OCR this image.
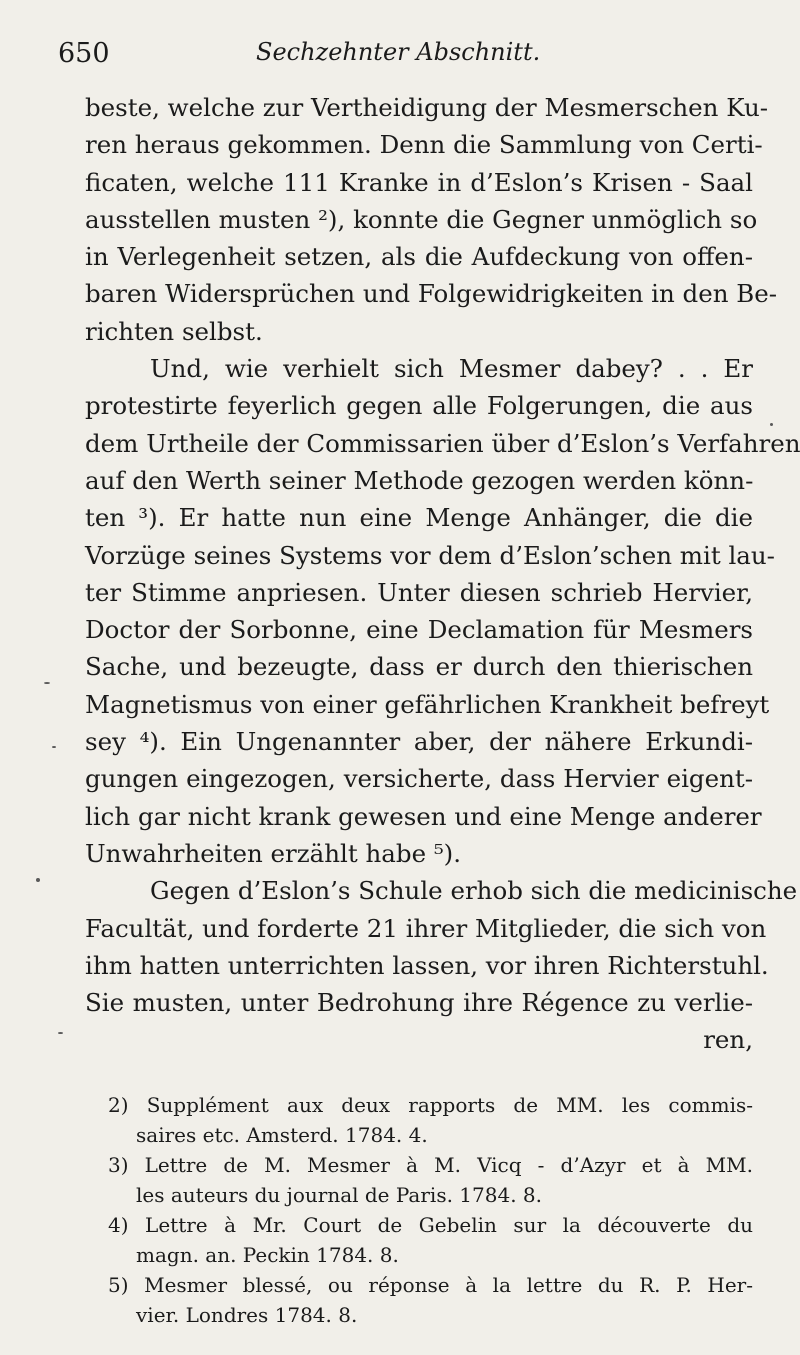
650	Sechzehnter Abschnitt.
beste, welche zur Vertheidigung der Mesmerschen Ku-
ren heraus gekommen. Denn die Sammlung von Certi-
ficaten, welche 111 Kranke in d’Eslon’s Krisen - Saal
ausstellen musten ²), konnte die Gegner unmöglich so
in Verlegenheit setzen, als die Aufdeckung von offen-
baren Widersprüchen und Folgewidrigkeiten in den Be-
richten selbst.
Und, wie verhielt sich Mesmer dabey? . . Er
protestirte feyerlich gegen alle Folgerungen, die aus
dem Urtheile der Commissarien über d’Eslon’s Verfahren
auf den Werth seiner Methode gezogen werden könn-
ten ³). Er hatte nun eine Menge Anhänger, die die
Vorzüge seines Systems vor dem d’Eslon’schen mit lau-
ter Stimme anpriesen. Unter diesen schrieb Hervier,
Doctor der Sorbonne, eine Declamation für Mesmers
Sache, und bezeugte, dass er durch den thierischen
Magnetismus von einer gefährlichen Krankheit befreyt
sey ⁴). Ein Ungenannter aber, der nähere Erkundi-
gungen eingezogen, versicherte, dass Hervier eigent-
lich gar nicht krank gewesen und eine Menge anderer
Unwahrheiten erzählt habe ⁵).
Gegen d’Eslon’s Schule erhob sich die medicinische
Facultät, und forderte 21 ihrer Mitglieder, die sich von
ihm hatten unterrichten lassen, vor ihren Richterstuhl.
Sie musten, unter Bedrohung ihre Régence zu verlie-
ren,
2) Supplément aux deux rapports de MM. les commis-
saires etc. Amsterd. 1784. 4.
3) Lettre de M. Mesmer à M. Vicq - d’Azyr et à MM.
les auteurs du journal de Paris. 1784. 8.
4) Lettre à Mr. Court de Gebelin sur la découverte du
magn. an. Peckin 1784. 8.
5) Mesmer blessé, ou réponse à la lettre du R. P. Her-
vier. Londres 1784. 8.
